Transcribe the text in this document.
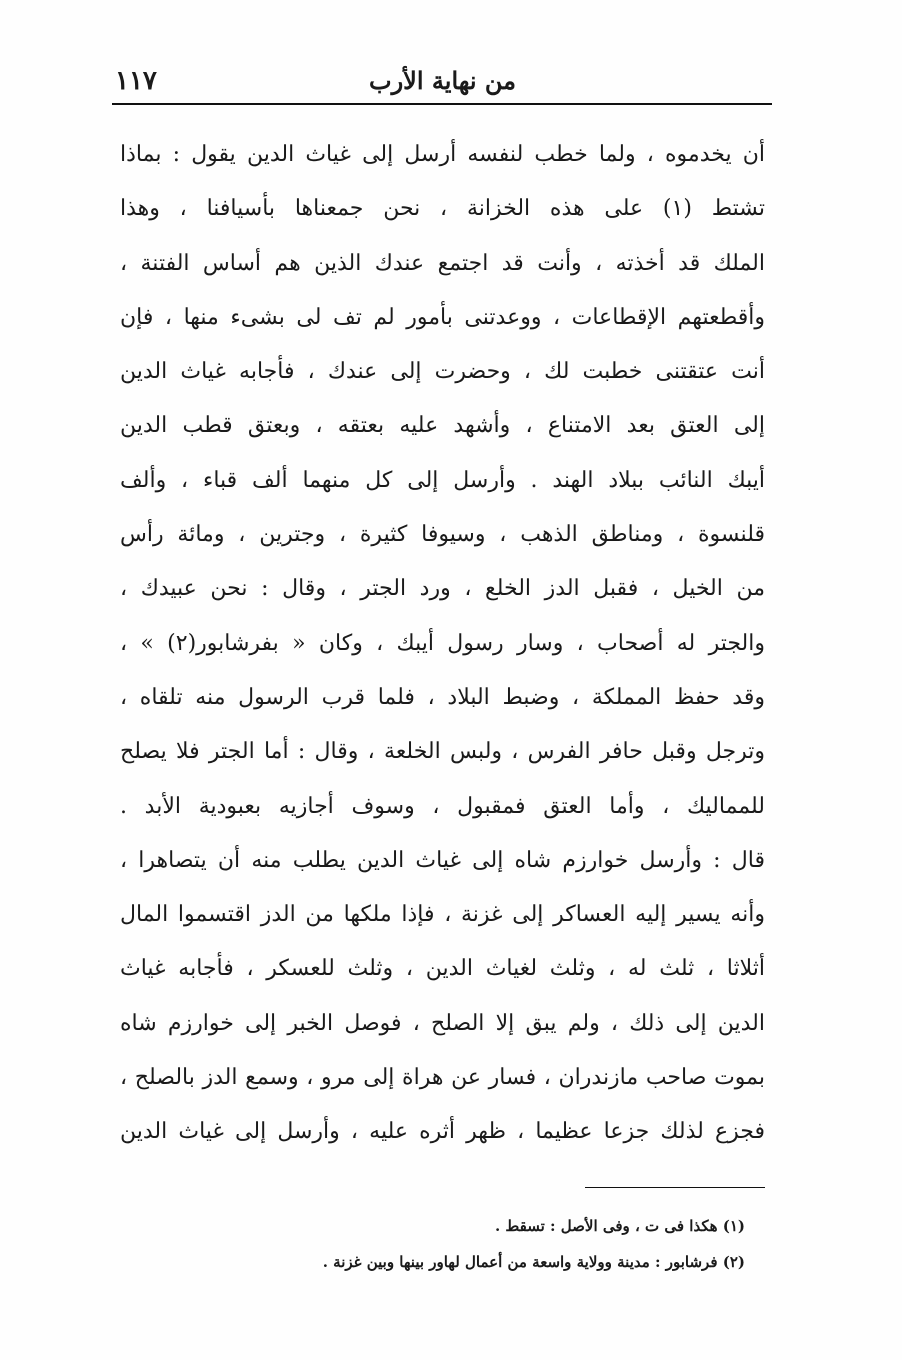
من نهاية الأرب
١١٧
أن يخدموه ، ولما خطب لنفسه أرسل إلى غياث الدين يقول : بماذا
تشتط (١) على هذه الخزانة ، نحن جمعناها بأسيافنا ، وهذا
الملك قد أخذته ، وأنت قد اجتمع عندك الذين هم أساس الفتنة ،
وأقطعتهم الإقطاعات ، ووعدتنى بأمور لم تف لى بشىء منها ، فإن
أنت عتقتنى خطبت لك ، وحضرت إلى عندك ، فأجابه غياث الدين
إلى العتق بعد الامتناع ، وأشهد عليه بعتقه ، وبعتق قطب الدين
أيبك النائب ببلاد الهند . وأرسل إلى كل منهما ألف قباء ، وألف
قلنسوة ، ومناطق الذهب ، وسيوفا كثيرة ، وجترين ، ومائة رأس
من الخيل ، فقبل الدز الخلع ، ورد الجتر ، وقال : نحن عبيدك ،
والجتر له أصحاب ، وسار رسول أيبك ، وكان « بفرشابور(٢) » ،
وقد حفظ المملكة ، وضبط البلاد ، فلما قرب الرسول منه تلقاه ،
وترجل وقبل حافر الفرس ، ولبس الخلعة ، وقال : أما الجتر فلا يصلح
للمماليك ، وأما العتق فمقبول ، وسوف أجازيه بعبودية الأبد .
قال : وأرسل خوارزم شاه إلى غياث الدين يطلب منه أن يتصاهرا ،
وأنه يسير إليه العساكر إلى غزنة ، فإذا ملكها من الدز اقتسموا المال
أثلاثا ، ثلث له ، وثلث لغياث الدين ، وثلث للعسكر ، فأجابه غياث
الدين إلى ذلك ، ولم يبق إلا الصلح ، فوصل الخبر إلى خوارزم شاه
بموت صاحب مازندران ، فسار عن هراة إلى مرو ، وسمع الدز بالصلح ،
فجزع لذلك جزعا عظيما ، ظهر أثره عليه ، وأرسل إلى غياث الدين
(١) هكذا فى ت ، وفى الأصل : تسقط .
(٢) فرشابور : مدينة وولاية واسعة من أعمال لهاور بينها وبين غزنة .
